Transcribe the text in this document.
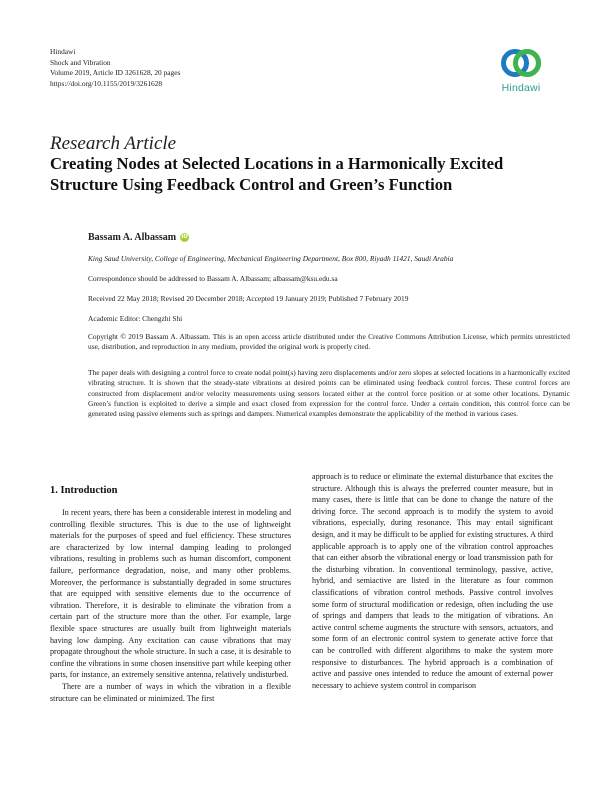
Hindawi
Shock and Vibration
Volume 2019, Article ID 3261628, 20 pages
https://doi.org/10.1155/2019/3261628	Hindawi
Research Article
Creating Nodes at Selected Locations in a Harmonically Excited Structure Using Feedback Control and Green’s Function
Bassam A. Albassam iD
King Saud University, College of Engineering, Mechanical Engineering Department, Box 800, Riyadh 11421, Saudi Arabia
Correspondence should be addressed to Bassam A. Albassam; albassam@ksu.edu.sa
Received 22 May 2018; Revised 20 December 2018; Accepted 19 January 2019; Published 7 February 2019
Academic Editor: Chengzhi Shi
Copyright © 2019 Bassam A. Albassam. This is an open access article distributed under the Creative Commons Attribution License, which permits unrestricted use, distribution, and reproduction in any medium, provided the original work is properly cited.
The paper deals with designing a control force to create nodal point(s) having zero displacements and/or zero slopes at selected locations in a harmonically excited vibrating structure. It is shown that the steady-state vibrations at desired points can be eliminated using feedback control forces. These control forces are constructed from displacement and/or velocity measurements using sensors located either at the control force position or at some other locations. Dynamic Green’s function is exploited to derive a simple and exact closed from expression for the control force. Under a certain condition, this control force can be generated using passive elements such as springs and dampers. Numerical examples demonstrate the applicability of the method in various cases.
1. Introduction

In recent years, there has been a considerable interest in modeling and controlling flexible structures. This is due to the use of lightweight materials for the purposes of speed and fuel efficiency. These structures are characterized by low internal damping leading to prolonged vibrations, resulting in problems such as human discomfort, component failure, performance degradation, noise, and many other problems. Moreover, the performance is substantially degraded in some structures that are equipped with sensitive elements due to the occurrence of vibration. Therefore, it is desirable to eliminate the vibration from a certain part of the structure more than the other. For example, large flexible space structures are usually built from lightweight materials having low damping. Any excitation can cause vibrations that may propagate throughout the whole structure. In such a case, it is desirable to confine the vibrations in some chosen insensitive part while keeping other parts, for instance, an extremely sensitive antenna, relatively undisturbed.

There are a number of ways in which the vibration in a flexible structure can be eliminated or minimized. The first

approach is to reduce or eliminate the external disturbance that excites the structure. Although this is always the preferred counter measure, but in many cases, there is little that can be done to change the nature of the driving force. The second approach is to modify the system to avoid vibrations, especially, during resonance. This may entail significant design, and it may be difficult to be applied for existing structures. A third applicable approach is to apply one of the vibration control approaches that can either absorb the vibrational energy or load transmission path for the disturbing vibration. In conventional terminology, passive, active, hybrid, and semiactive are listed in the literature as four common classifications of vibration control methods. Passive control involves some form of structural modification or redesign, often including the use of springs and dampers that leads to the mitigation of vibrations. An active control scheme augments the structure with sensors, actuators, and some form of an electronic control system to generate active force that can be controlled with different algorithms to make the system more responsive to disturbances. The hybrid approach is a combination of active and passive ones intended to reduce the amount of external power necessary to achieve system control in comparison
